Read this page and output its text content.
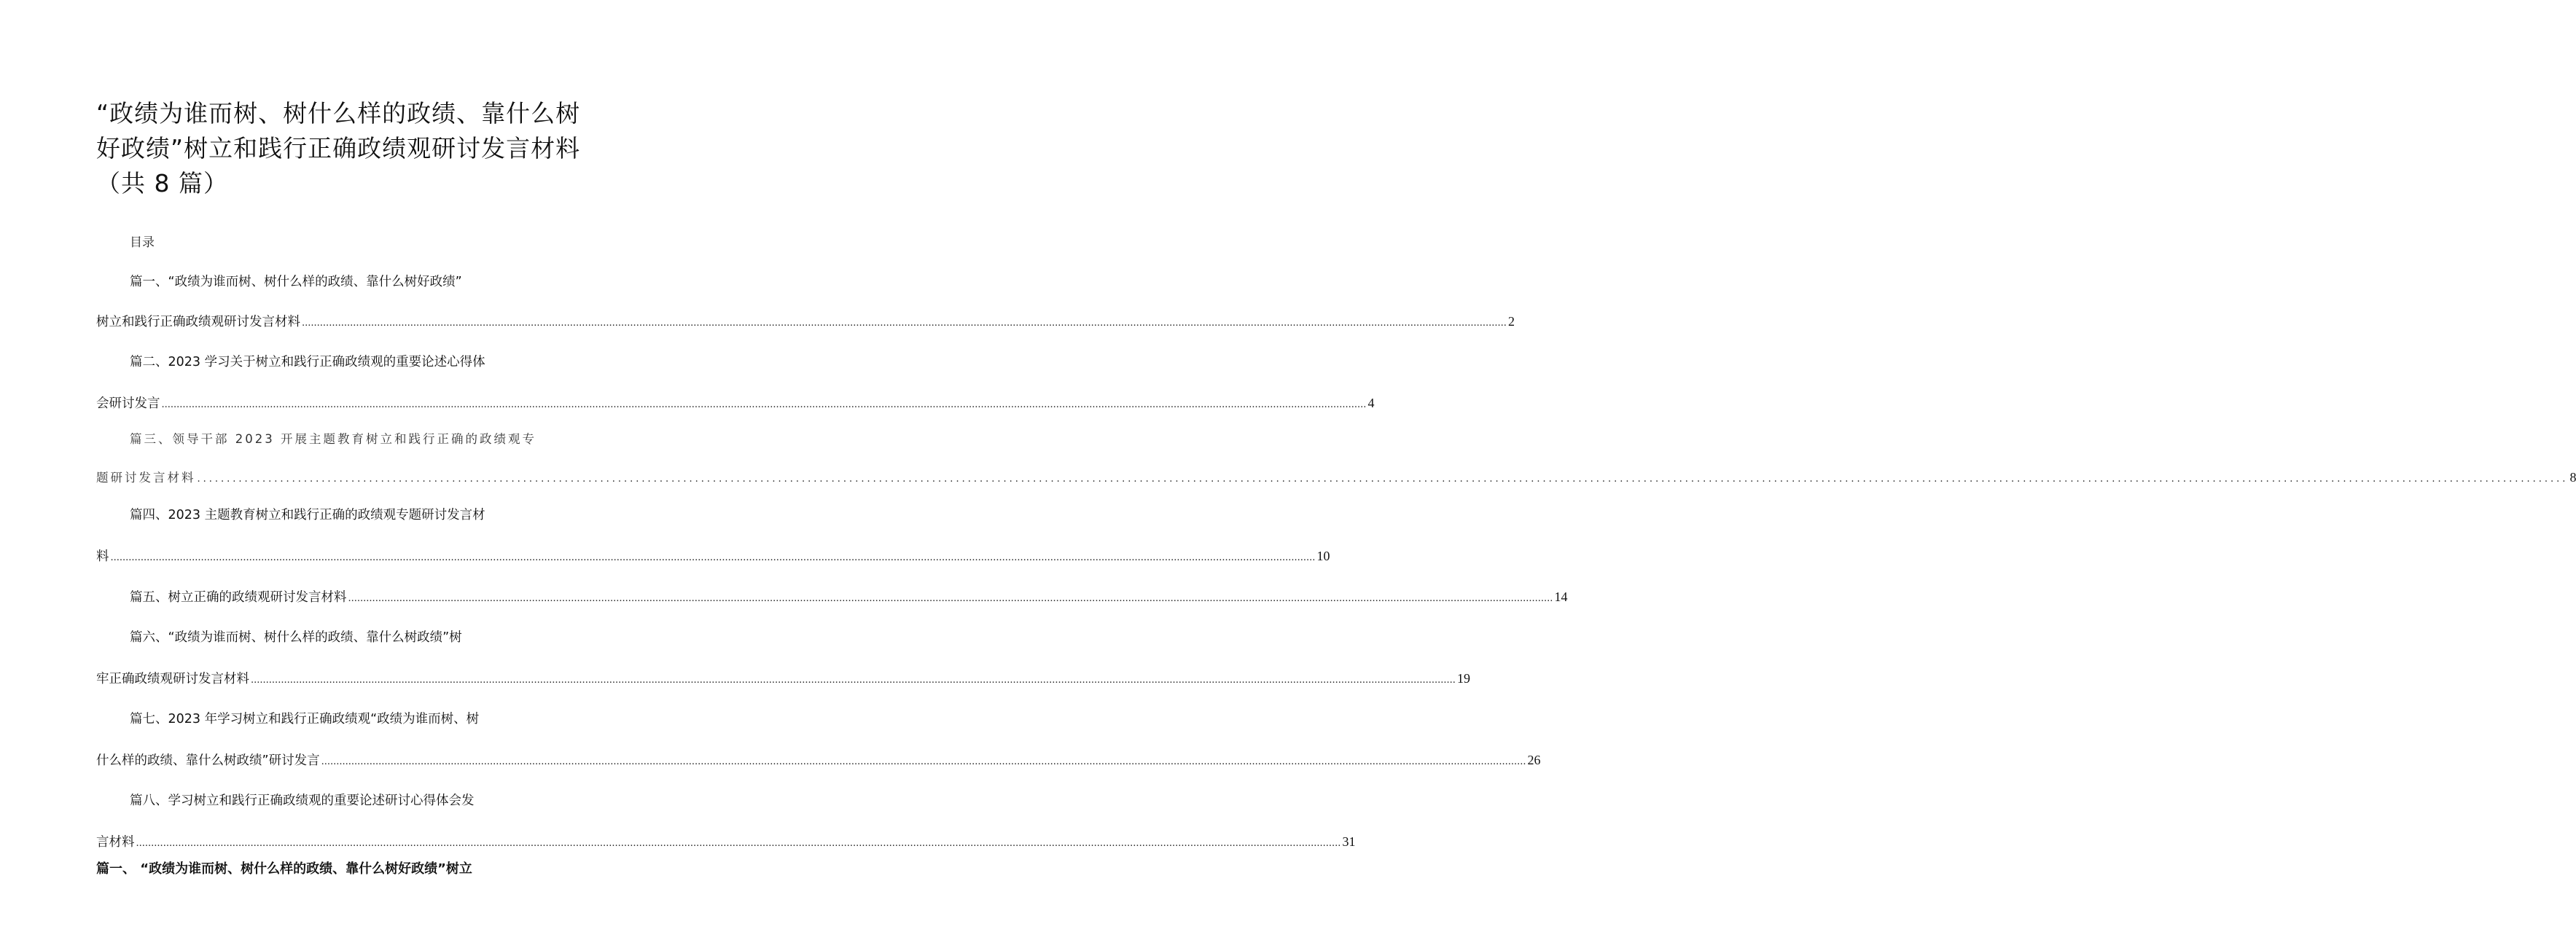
“政绩为谁而树、树什么样的政绩、靠什么树
好政绩”树立和践行正确政绩观研讨发言材料
（共 8 篇）
目录
篇一、“政绩为谁而树、树什么样的政绩、靠什么树好政绩”
树立和践行正确政绩观研讨发言材料 ................................................................................................................................................................................................................................................................................................................................................................................................................ 2
篇二、2023 学习关于树立和践行正确政绩观的重要论述心得体
会研讨发言 ................................................................................................................................................................................................................................................................................................................................................................................................................ 4
篇三、领导干部 2023 开展主题教育树立和践行正确的政绩观专
题研讨发言材料 ................................................................................................................................................................................................................................................................................................................................................................................................................ 8
篇四、2023 主题教育树立和践行正确的政绩观专题研讨发言材
料 ................................................................................................................................................................................................................................................................................................................................................................................................................ 10
篇五、树立正确的政绩观研讨发言材料 ................................................................................................................................................................................................................................................................................................................................................................................................................ 14
篇六、“政绩为谁而树、树什么样的政绩、靠什么树政绩”树
牢正确政绩观研讨发言材料 ................................................................................................................................................................................................................................................................................................................................................................................................................ 19
篇七、2023 年学习树立和践行正确政绩观“政绩为谁而树、树
什么样的政绩、靠什么树政绩”研讨发言 ................................................................................................................................................................................................................................................................................................................................................................................................................ 26
篇八、学习树立和践行正确政绩观的重要论述研讨心得体会发
言材料 ................................................................................................................................................................................................................................................................................................................................................................................................................ 31
篇一、 “政绩为谁而树、树什么样的政绩、靠什么树好政绩”树立
